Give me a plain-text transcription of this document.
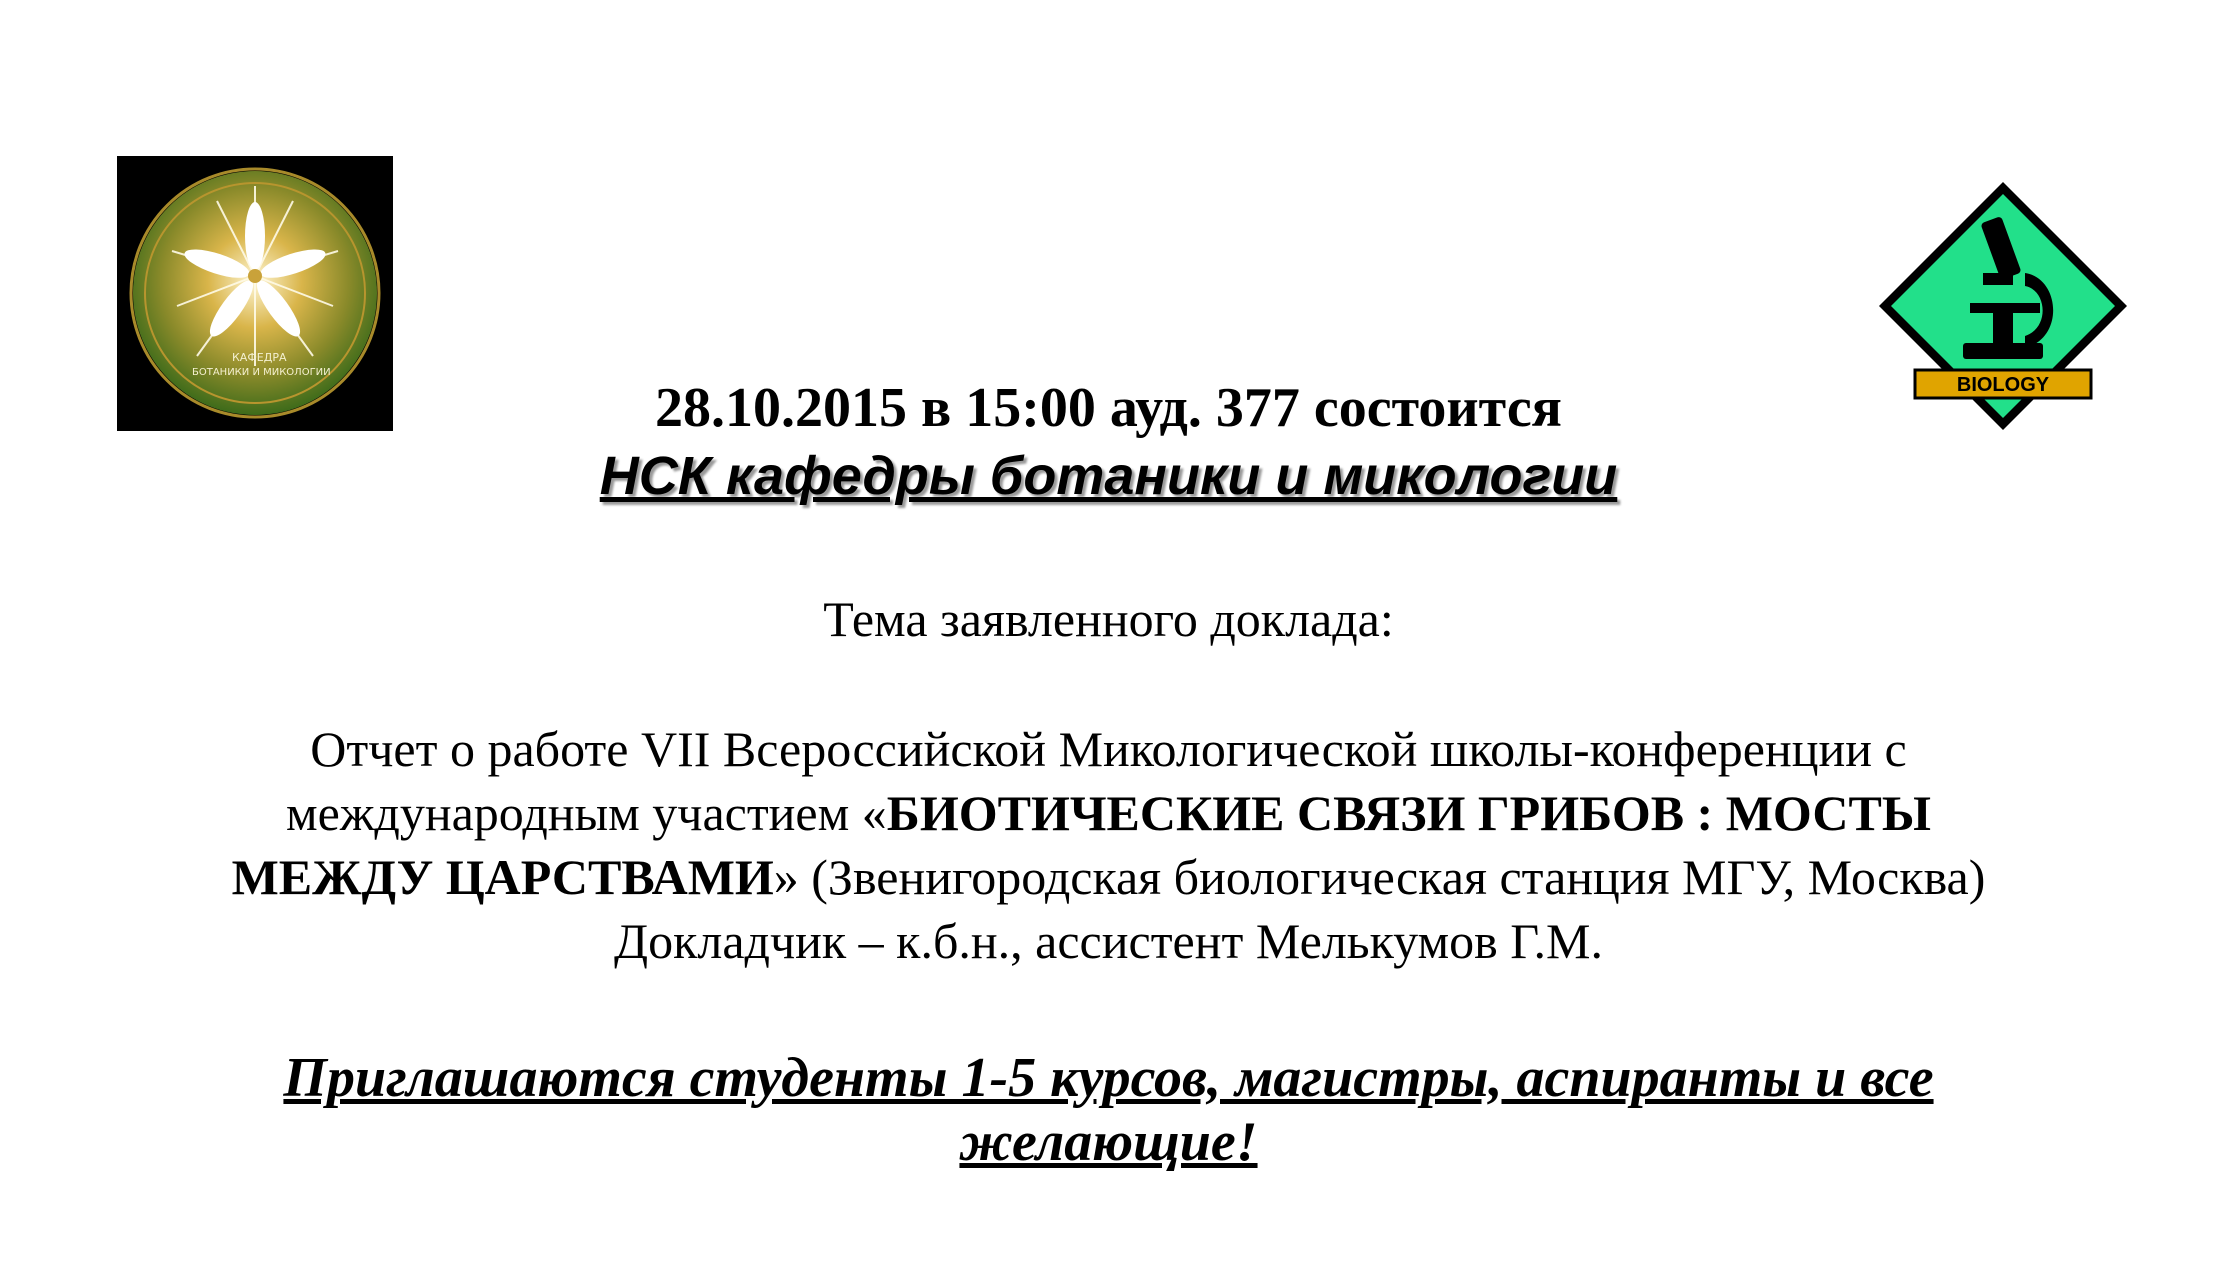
КАФЕДРА
БОТАНИКИ И МИКОЛОГИИ
BIOLOGY
28.10.2015 в 15:00 ауд. 377 состоится
НСК кафедры ботаники и микологии
Тема заявленного доклада:
Отчет о работе VII Всероссийской Микологической школы-конференции с
международным участием «БИОТИЧЕСКИЕ СВЯЗИ ГРИБОВ : МОСТЫ
МЕЖДУ ЦАРСТВАМИ» (Звенигородская биологическая станция МГУ, Москва)
Докладчик – к.б.н., ассистент Мелькумов Г.М.
Приглашаются студенты 1-5 курсов, магистры, аспиранты и все
желающие!
